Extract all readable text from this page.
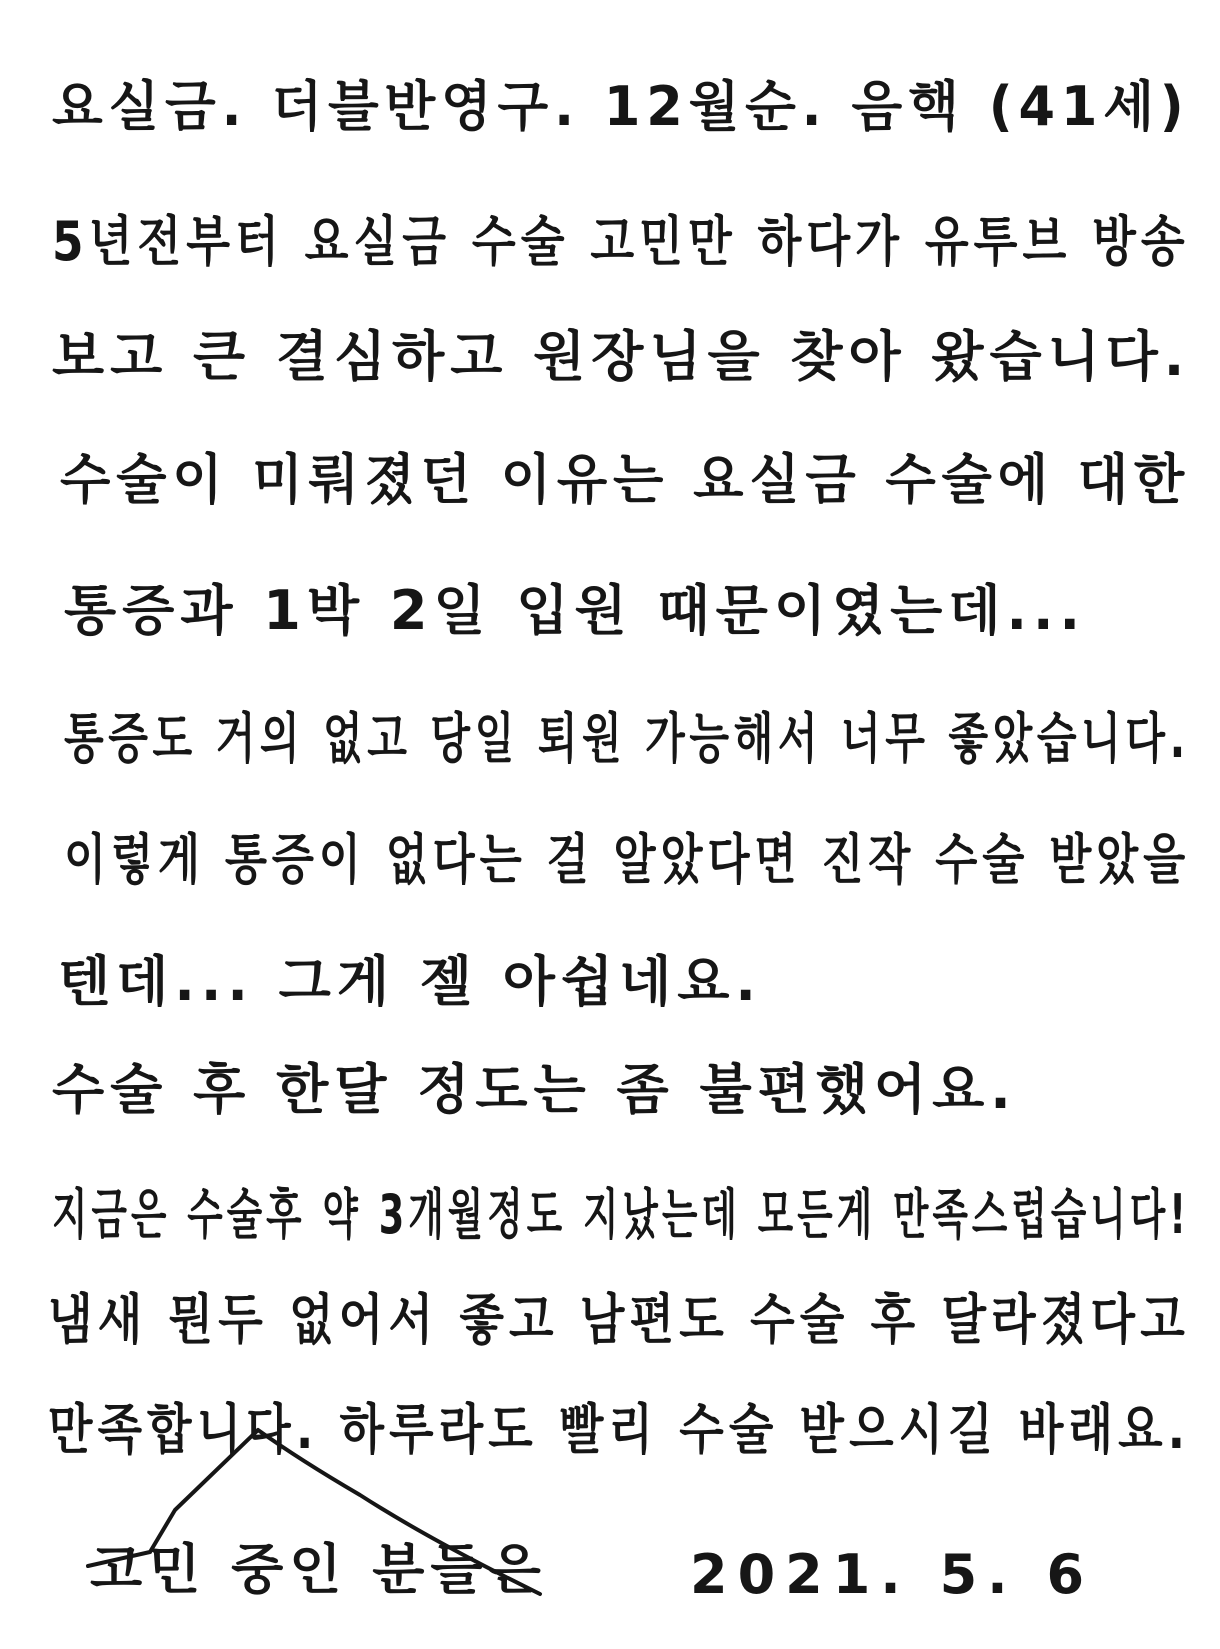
요실금. 더블반영구. 12월순. 음핵 (41세)
5년전부터 요실금 수술 고민만 하다가 유투브 방송
보고 큰 결심하고 원장님을 찾아 왔습니다.
수술이 미뤄졌던 이유는 요실금 수술에 대한
통증과 1박 2일 입원 때문이였는데...
통증도 거의 없고 당일 퇴원 가능해서 너무 좋았습니다.
이렇게 통증이 없다는 걸 알았다면 진작 수술 받았을
텐데... 그게 젤 아쉽네요.
수술 후 한달 정도는 좀 불편했어요.
지금은 수술후 약 3개월정도 지났는데 모든게 만족스럽습니다!
냄새 뭔두 없어서 좋고 남편도 수술 후 달라졌다고
만족합니다. 하루라도 빨리 수술 받으시길 바래요.
고민 중인 분들은	2021. 5. 6
